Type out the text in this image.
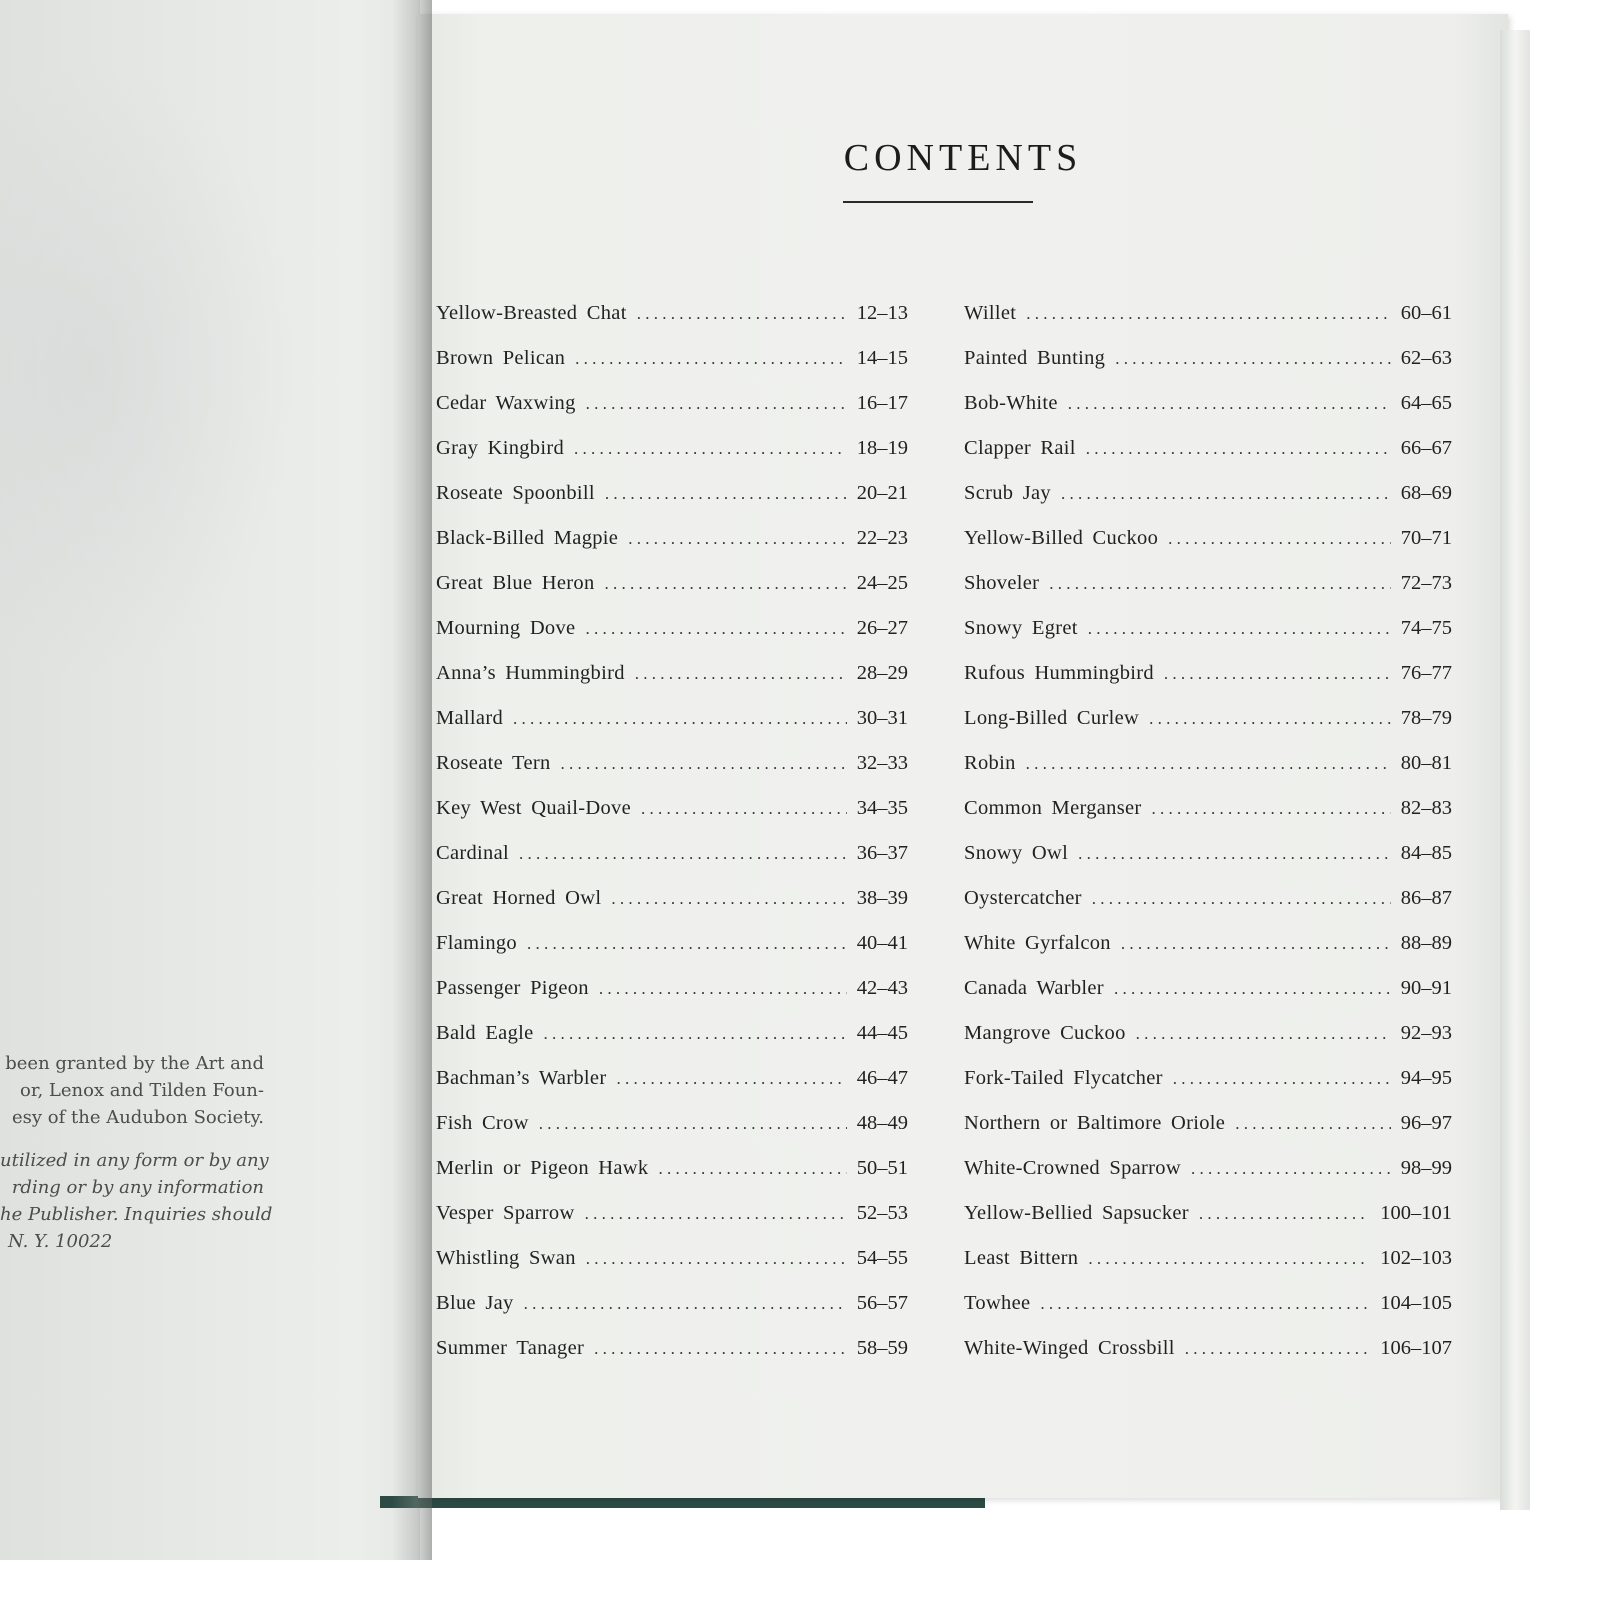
been granted by the Art and
or, Lenox and Tilden Foun-
esy of the Audubon Society.
utilized in any form or by any
rding or by any information
he Publisher. Inquiries should
N. Y. 10022
CONTENTS
Yellow-Breasted Chat . . .	12–13
Brown Pelican . . .	14–15
Cedar Waxwing . . .	16–17
Gray Kingbird . . .	18–19
Roseate Spoonbill . . .	20–21
Black-Billed Magpie . . .	22–23
Great Blue Heron . . .	24–25
Mourning Dove . . .	26–27
Anna’s Hummingbird . . .	28–29
Mallard . . .	30–31
Roseate Tern . . .	32–33
Key West Quail-Dove . . .	34–35
Cardinal . . .	36–37
Great Horned Owl . . .	38–39
Flamingo . . .	40–41
Passenger Pigeon . . .	42–43
Bald Eagle . . .	44–45
Bachman’s Warbler . . .	46–47
Fish Crow . . .	48–49
Merlin or Pigeon Hawk . . .	50–51
Vesper Sparrow . . .	52–53
Whistling Swan . . .	54–55
Blue Jay . . .	56–57
Summer Tanager . . .	58–59
Willet . . .	60–61
Painted Bunting . . .	62–63
Bob-White . . .	64–65
Clapper Rail . . .	66–67
Scrub Jay . . .	68–69
Yellow-Billed Cuckoo . . .	70–71
Shoveler . . .	72–73
Snowy Egret . . .	74–75
Rufous Hummingbird . . .	76–77
Long-Billed Curlew . . .	78–79
Robin . . .	80–81
Common Merganser . . .	82–83
Snowy Owl . . .	84–85
Oystercatcher . . .	86–87
White Gyrfalcon . . .	88–89
Canada Warbler . . .	90–91
Mangrove Cuckoo . . .	92–93
Fork-Tailed Flycatcher . . .	94–95
Northern or Baltimore Oriole . . .	96–97
White-Crowned Sparrow . . .	98–99
Yellow-Bellied Sapsucker . . .	100–101
Least Bittern . . .	102–103
Towhee . . .	104–105
White-Winged Crossbill . . .	106–107
